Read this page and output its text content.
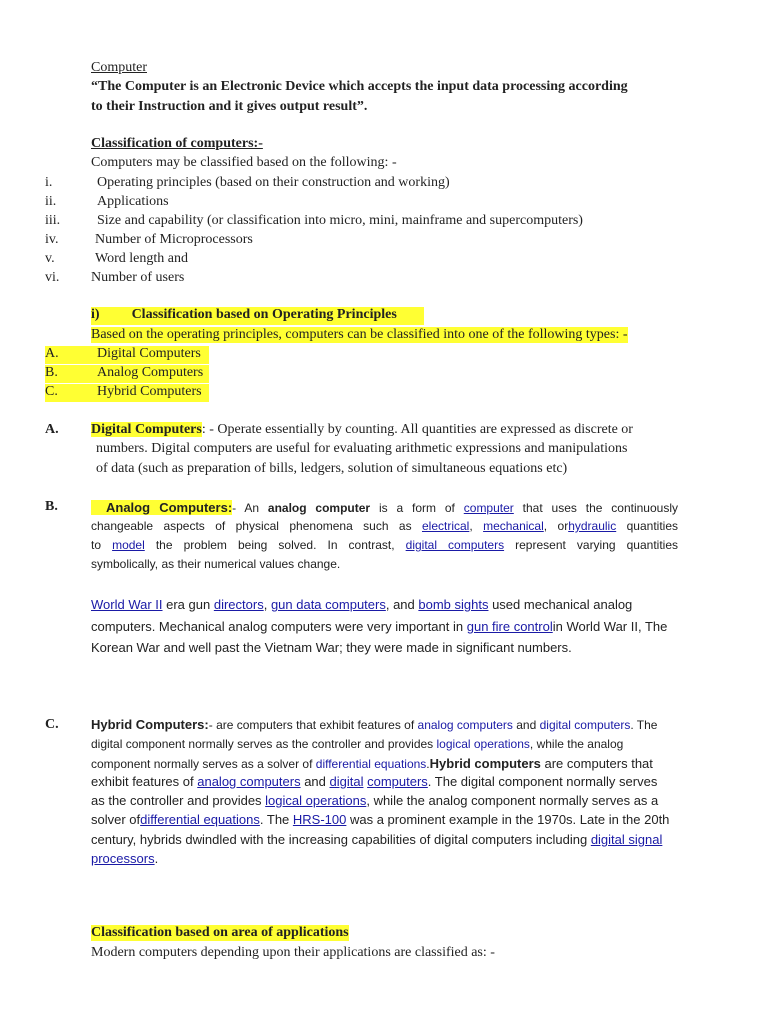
Computer
“The Computer is an Electronic Device which accepts the input data processing according
to their Instruction and it gives output result”.
Classification of computers:-
Computers may be classified based on the following: -
i.	Operating principles (based on their construction and working)
ii.	Applications
iii.	Size and capability (or classification into micro, mini, mainframe and supercomputers)
iv.	Number of Microprocessors
v.	Word length and
vi. Number of users
i) Classification based on Operating Principles
Based on the operating principles, computers can be classified into one of the following types: -
A.	Digital Computers
B.	Analog Computers
C.	Hybrid Computers
A. Digital Computers: - Operate essentially by counting. All quantities are expressed as discrete or
numbers. Digital computers are useful for evaluating arithmetic expressions and manipulations
of data (such as preparation of bills, ledgers, solution of simultaneous equations etc)
B.	Analog Computers:- An analog computer is a form of computer that uses the continuously
changeable aspects of physical phenomena such as electrical, mechanical, orhydraulic quantities
to model the problem being solved. In contrast, digital computers represent varying quantities
symbolically, as their numerical values change.
World War II era gun directors, gun data computers, and bomb sights used mechanical analog
computers. Mechanical analog computers were very important in gun fire controlin World War II, The
Korean War and well past the Vietnam War; they were made in significant numbers.
C. Hybrid Computers:- are computers that exhibit features of analog computers and digital computers. The
digital component normally serves as the controller and provides logical operations, while the analog
component normally serves as a solver of differential equations.Hybrid computers are computers that
exhibit features of analog computers and digital computers. The digital component normally serves
as the controller and provides logical operations, while the analog component normally serves as a
solver ofdifferential equations. The HRS-100 was a prominent example in the 1970s. Late in the 20th
century, hybrids dwindled with the increasing capabilities of digital computers including digital signal
processors.
Classification based on area of applications
Modern computers depending upon their applications are classified as: -
